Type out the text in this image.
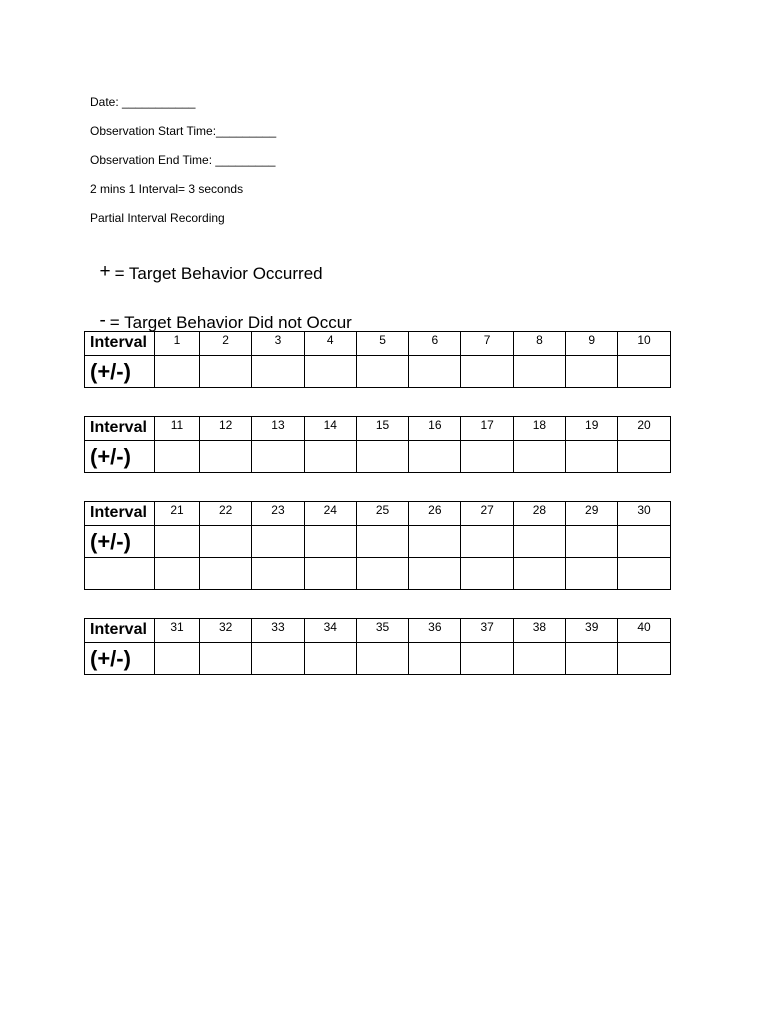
Date: ___________
Observation Start Time:_________
Observation End Time: _________
2 mins 1 Interval= 3 seconds
Partial Interval Recording

+ = Target Behavior Occurred

- = Target Behavior Did not Occur

Interval	1	2	3	4	5	6	7	8	9	10
(+/-)										
Interval	11	12	13	14	15	16	17	18	19	20
(+/-)										
Interval	21	22	23	24	25	26	27	28	29	30
(+/-)										

Interval	31	32	33	34	35	36	37	38	39	40
(+/-)										
